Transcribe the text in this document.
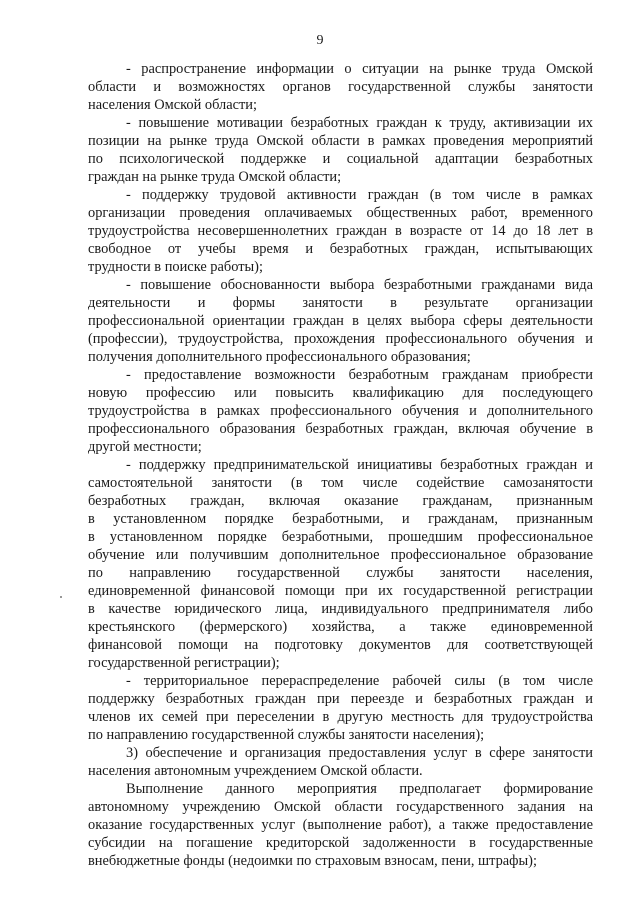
9

- распространение информации о ситуации на рынке труда Омской
области и возможностях органов государственной службы занятости
населения Омской области;

- повышение мотивации безработных граждан к труду, активизации их
позиции на рынке труда Омской области в рамках проведения мероприятий
по психологической поддержке и социальной адаптации безработных
граждан на рынке труда Омской области;

- поддержку трудовой активности граждан (в том числе в рамках
организации проведения оплачиваемых общественных работ, временного
трудоустройства несовершеннолетних граждан в возрасте от 14 до 18 лет в
свободное от учебы время и безработных граждан, испытывающих
трудности в поиске работы);

- повышение обоснованности выбора безработными гражданами вида
деятельности и формы занятости в результате организации
профессиональной ориентации граждан в целях выбора сферы деятельности
(профессии), трудоустройства, прохождения профессионального обучения и
получения дополнительного профессионального образования;

- предоставление возможности безработным гражданам приобрести
новую профессию или повысить квалификацию для последующего
трудоустройства в рамках профессионального обучения и дополнительного
профессионального образования безработных граждан, включая обучение в
другой местности;

- поддержку предпринимательской инициативы безработных граждан и
самостоятельной занятости (в том числе содействие самозанятости
безработных граждан, включая оказание гражданам, признанным
в установленном порядке безработными, и гражданам, признанным
в установленном порядке безработными, прошедшим профессиональное
обучение или получившим дополнительное профессиональное образование
по направлению государственной службы занятости населения,
единовременной финансовой помощи при их государственной регистрации
в качестве юридического лица, индивидуального предпринимателя либо
крестьянского (фермерского) хозяйства, а также единовременной
финансовой помощи на подготовку документов для соответствующей
государственной регистрации);

- территориальное перераспределение рабочей силы (в том числе
поддержку безработных граждан при переезде и безработных граждан и
членов их семей при переселении в другую местность для трудоустройства
по направлению государственной службы занятости населения);

3) обеспечение и организация предоставления услуг в сфере занятости
населения автономным учреждением Омской области.

Выполнение данного мероприятия предполагает формирование
автономному учреждению Омской области государственного задания на
оказание государственных услуг (выполнение работ), а также предоставление
субсидии на погашение кредиторской задолженности в государственные
внебюджетные фонды (недоимки по страховым взносам, пени, штрафы);
